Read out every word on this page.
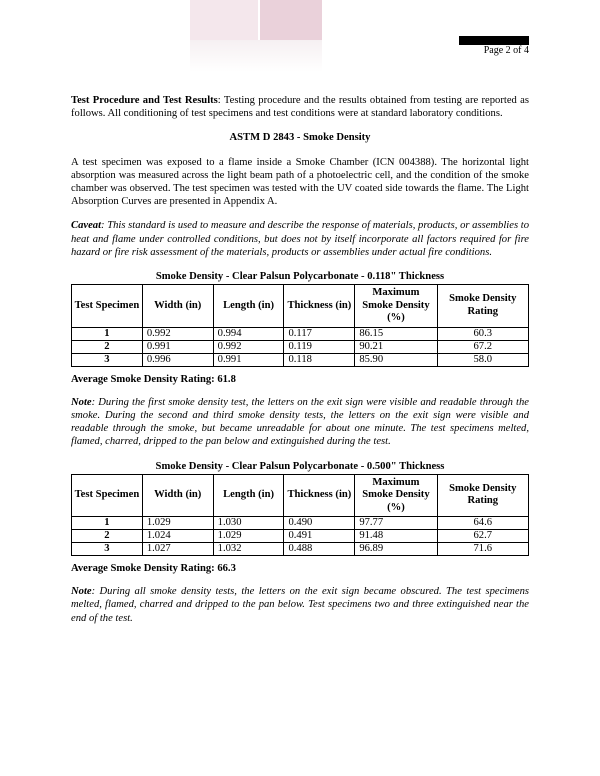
Page 2 of 4

Test Procedure and Test Results: Testing procedure and the results obtained from testing are reported as follows. All conditioning of test specimens and test conditions were at standard laboratory conditions.

ASTM D 2843 - Smoke Density

A test specimen was exposed to a flame inside a Smoke Chamber (ICN 004388). The horizontal light absorption was measured across the light beam path of a photoelectric cell, and the condition of the smoke chamber was observed. The test specimen was tested with the UV coated side towards the flame. The Light Absorption Curves are presented in Appendix A.

Caveat: This standard is used to measure and describe the response of materials, products, or assemblies to heat and flame under controlled conditions, but does not by itself incorporate all factors required for fire hazard or fire risk assessment of the materials, products or assemblies under actual fire conditions.

Smoke Density - Clear Palsun Polycarbonate - 0.118" Thickness
Test Specimen	Width (in)	Length (in)	Thickness (in)	Maximum Smoke Density (%)	Smoke Density Rating
1	0.992	0.994	0.117	86.15	60.3
2	0.991	0.992	0.119	90.21	67.2
3	0.996	0.991	0.118	85.90	58.0
Average Smoke Density Rating: 61.8

Note: During the first smoke density test, the letters on the exit sign were visible and readable through the smoke. During the second and third smoke density tests, the letters on the exit sign were visible and readable through the smoke, but became unreadable for about one minute. The test specimens melted, flamed, charred, dripped to the pan below and extinguished during the test.

Smoke Density - Clear Palsun Polycarbonate - 0.500" Thickness
Test Specimen	Width (in)	Length (in)	Thickness (in)	Maximum Smoke Density (%)	Smoke Density Rating
1	1.029	1.030	0.490	97.77	64.6
2	1.024	1.029	0.491	91.48	62.7
3	1.027	1.032	0.488	96.89	71.6
Average Smoke Density Rating: 66.3

Note: During all smoke density tests, the letters on the exit sign became obscured. The test specimens melted, flamed, charred and dripped to the pan below. Test specimens two and three extinguished near the end of the test.
